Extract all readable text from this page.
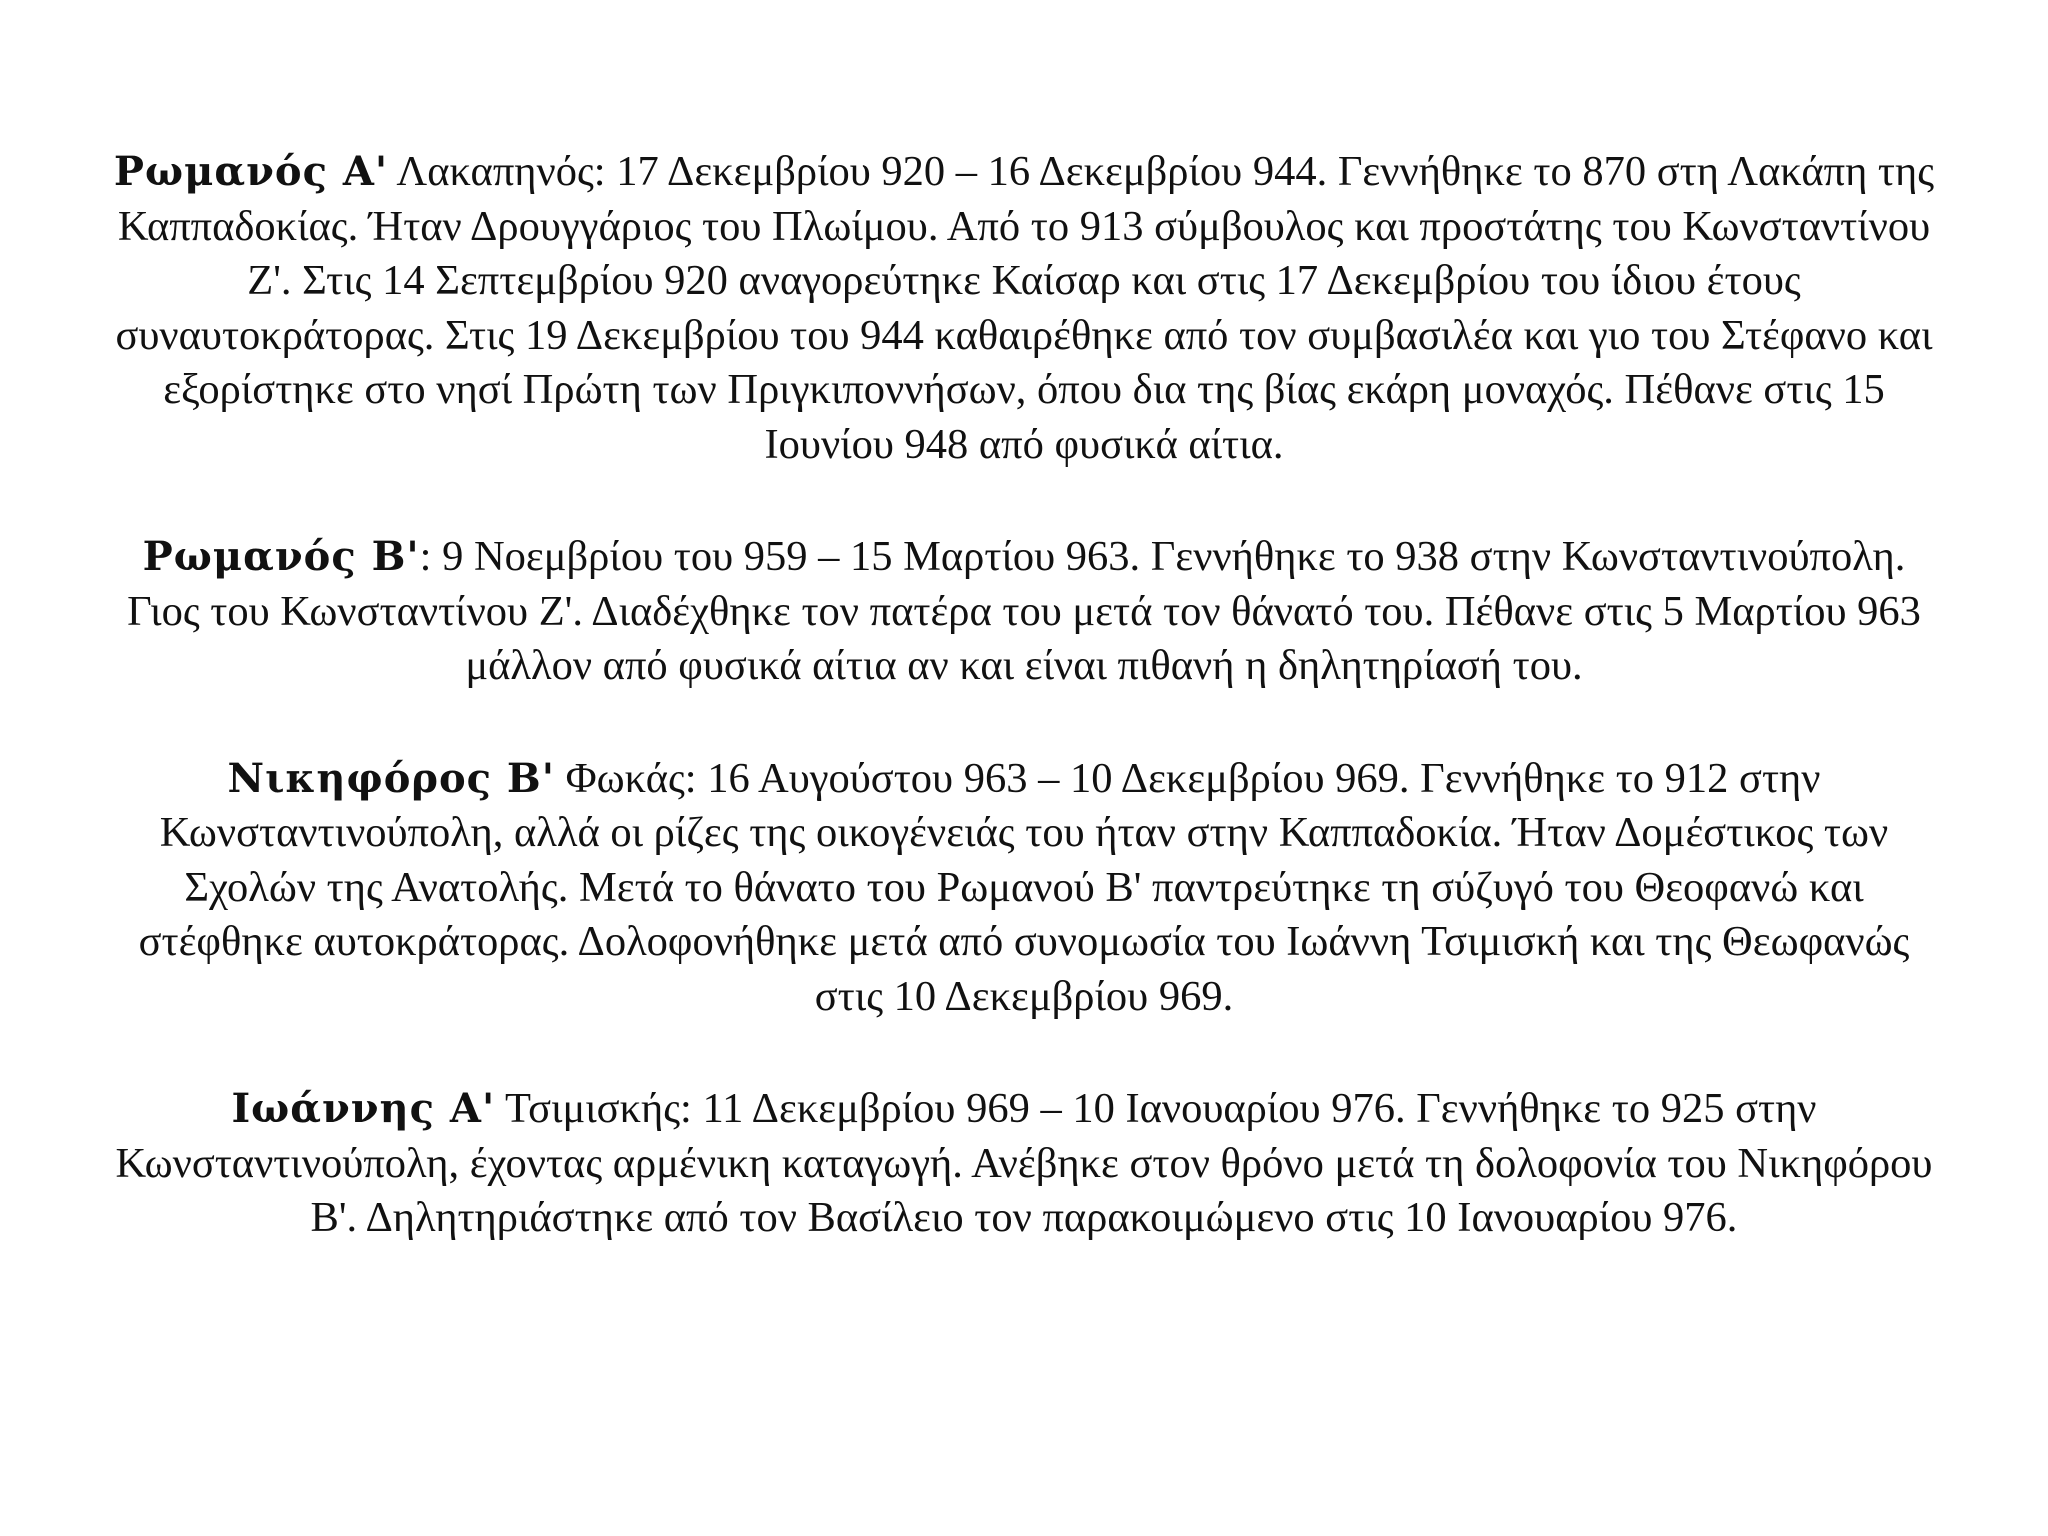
Ρωμανός Α' Λακαπηνός: 17 Δεκεμβρίου 920 – 16 Δεκεμβρίου 944. Γεννήθηκε το 870 στη Λακάπη της Καππαδοκίας. Ήταν Δρουγγάριος του Πλωίμου. Από το 913 σύμβουλος και προστάτης του Κωνσταντίνου Ζ'. Στις 14 Σεπτεμβρίου 920 αναγορεύτηκε Καίσαρ και στις 17 Δεκεμβρίου του ίδιου έτους συναυτοκράτορας. Στις 19 Δεκεμβρίου του 944 καθαιρέθηκε από τον συμβασιλέα και γιο του Στέφανο και εξορίστηκε στο νησί Πρώτη των Πριγκιποννήσων, όπου δια της βίας εκάρη μοναχός. Πέθανε στις 15 Ιουνίου 948 από φυσικά αίτια.

Ρωμανός Β': 9 Νοεμβρίου του 959 – 15 Μαρτίου 963. Γεννήθηκε το 938 στην Κωνσταντινούπολη. Γιος του Κωνσταντίνου Ζ'. Διαδέχθηκε τον πατέρα του μετά τον θάνατό του. Πέθανε στις 5 Μαρτίου 963 μάλλον από φυσικά αίτια αν και είναι πιθανή η δηλητηρίασή του.

Νικηφόρος Β' Φωκάς: 16 Αυγούστου 963 – 10 Δεκεμβρίου 969. Γεννήθηκε το 912 στην Κωνσταντινούπολη, αλλά οι ρίζες της οικογένειάς του ήταν στην Καππαδοκία. Ήταν Δομέστικος των Σχολών της Ανατολής. Μετά το θάνατο του Ρωμανού Β' παντρεύτηκε τη σύζυγό του Θεοφανώ και στέφθηκε αυτοκράτορας. Δολοφονήθηκε μετά από συνομωσία του Ιωάννη Τσιμισκή και της Θεωφανώς στις 10 Δεκεμβρίου 969.

Ιωάννης Α' Τσιμισκής: 11 Δεκεμβρίου 969 – 10 Ιανουαρίου 976. Γεννήθηκε το 925 στην Κωνσταντινούπολη, έχοντας αρμένικη καταγωγή. Ανέβηκε στον θρόνο μετά τη δολοφονία του Νικηφόρου Β'. Δηλητηριάστηκε από τον Βασίλειο τον παρακοιμώμενο στις 10 Ιανουαρίου 976.
